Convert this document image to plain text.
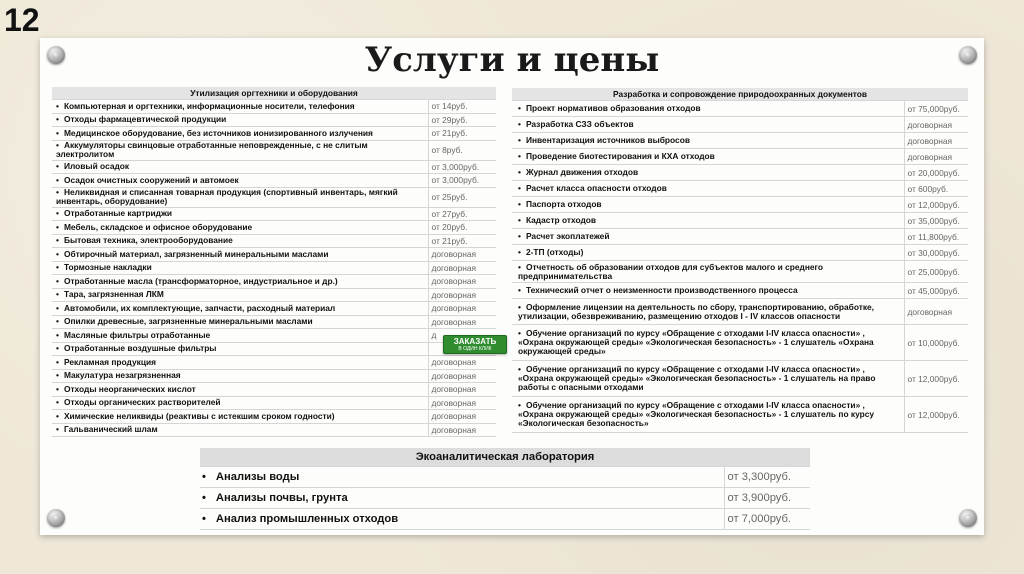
12
Услуги и цены
Утилизация оргтехники и оборудования	
• Компьютерная и оргтехники, информационные носители, телефония	от 14руб.
• Отходы фармацевтической продукции	от 29руб.
• Медицинское оборудование, без источников ионизированного излучения	от 21руб.
• Аккумуляторы свинцовые отработанные неповрежденные, с не слитым электролитом	от 8руб.
• Иловый осадок	от 3,000руб.
• Осадок очистных сооружений и автомоек	от 3,000руб.
• Неликвидная и списанная товарная продукция (спортивный инвентарь, мягкий инвентарь, оборудование)	от 25руб.
• Отработанные картриджи	от 27руб.
• Мебель, складское и офисное оборудование	от 20руб.
• Бытовая техника, электрооборудование	от 21руб.
• Обтирочный материал, загрязненный минеральными маслами	договорная
• Тормозные накладки	договорная
• Отработанные масла (трансформаторное, индустриальное и др.)	договорная
• Тара, загрязненная ЛКМ	договорная
• Автомобили, их комплектующие, запчасти, расходный материал	договорная
• Опилки древесные, загрязненные минеральными маслами	договорная
• Масляные фильтры отработанные	д
• Отработанные воздушные фильтры	
• Рекламная продукция	договорная
• Макулатура незагрязненная	договорная
• Отходы неорганических кислот	договорная
• Отходы органических растворителей	договорная
• Химические неликвиды (реактивы с истекшим сроком годности)	договорная
• Гальванический шлам	договорная
Разработка и сопровождение природоохранных документов	
• Проект нормативов образования отходов	от 75,000руб.
• Разработка СЗЗ объектов	договорная
• Инвентаризация источников выбросов	договорная
• Проведение биотестирования и КХА отходов	договорная
• Журнал движения отходов	от 20,000руб.
• Расчет класса опасности отходов	от 600руб.
• Паспорта отходов	от 12,000руб.
• Кадастр отходов	от 35,000руб.
• Расчет экоплатежей	от 11,800руб.
• 2-ТП (отходы)	от 30,000руб.
• Отчетность об образовании отходов для субъектов малого и среднего предпринимательства	от 25,000руб.
• Технический отчет о неизменности производственного процесса	от 45,000руб.
• Оформление лицензии на деятельность по сбору, транспортированию, обработке, утилизации, обезвреживанию, размещению отходов I - IV классов опасности	договорная
• Обучение организаций по курсу «Обращение с отходами I-IV класса опасности» , «Охрана окружающей среды» «Экологическая безопасность» - 1 слушатель «Охрана окружающей среды»	от 10,000руб.
• Обучение организаций по курсу «Обращение с отходами I-IV класса опасности» , «Охрана окружающей среды» «Экологическая безопасность» - 1 слушатель на право работы с опасными отходами	от 12,000руб.
• Обучение организаций по курсу «Обращение с отходами I-IV класса опасности» , «Охрана окружающей среды» «Экологическая безопасность» - 1 слушатель по курсу «Экологическая безопасность»	от 12,000руб.
Экоаналитическая лаборатория	
• Анализы воды	от 3,300руб.
• Анализы почвы, грунта	от 3,900руб.
• Анализ промышленных отходов	от 7,000руб.
ЗАКАЗАТЬ
В ОДИН КЛИК
